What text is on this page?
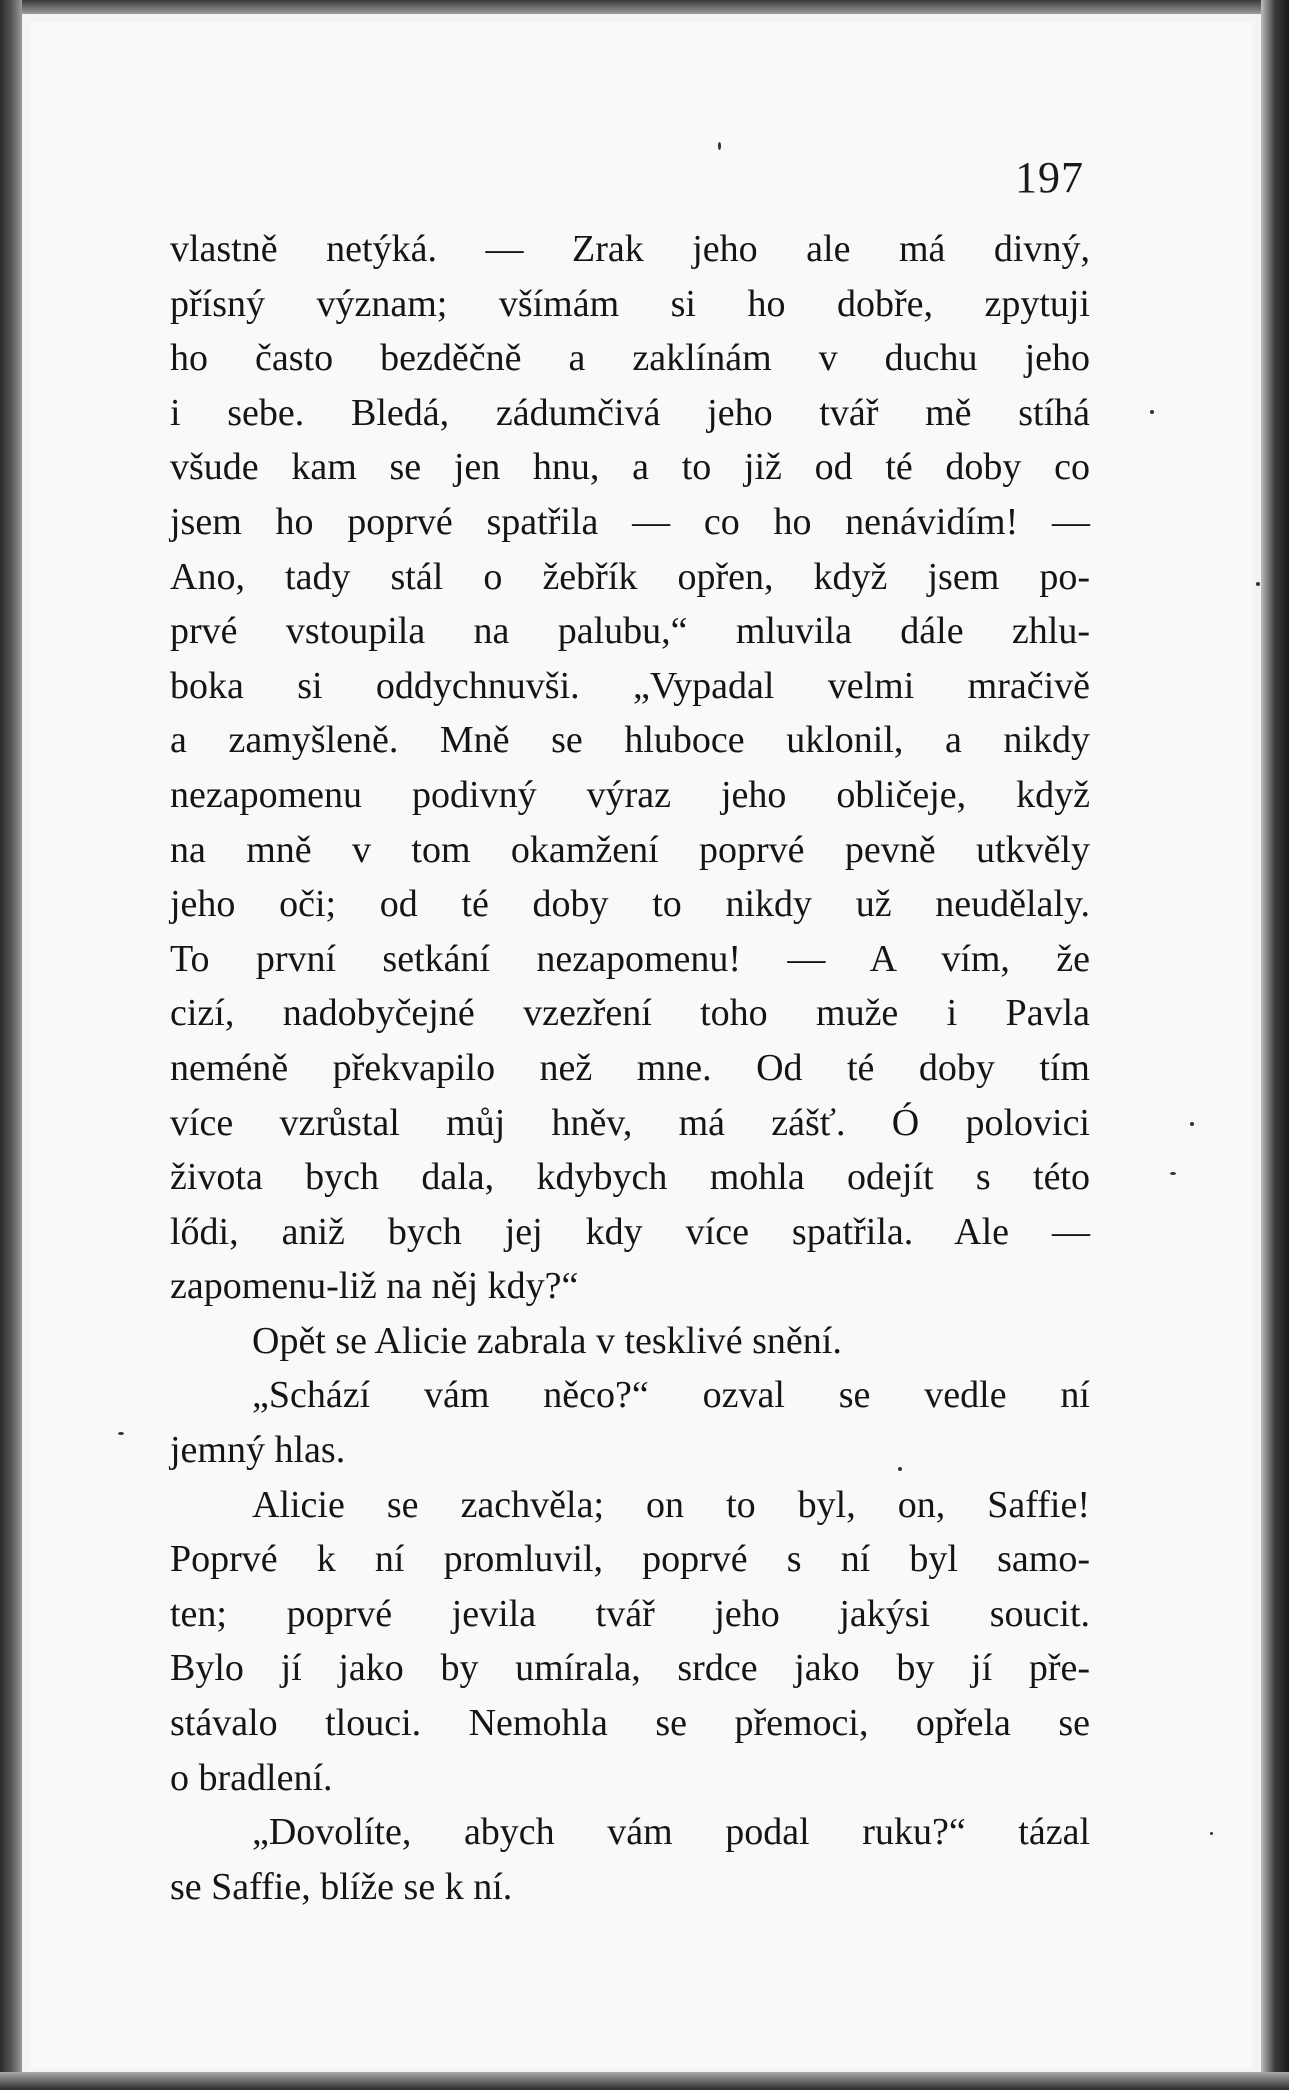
197
vlastně netýká. — Zrak jeho ale má divný,
přísný význam; všímám si ho dobře, zpytuji
ho často bezděčně a zaklínám v duchu jeho
i sebe. Bledá, zádumčivá jeho tvář mě stíhá
všude kam se jen hnu, a to již od té doby co
jsem ho poprvé spatřila — co ho nenávidím! —
Ano, tady stál o žebřík opřen, když jsem po-
prvé vstoupila na palubu,“ mluvila dále zhlu-
boka si oddychnuvši. „Vypadal velmi mračivě
a zamyšleně. Mně se hluboce uklonil, a nikdy
nezapomenu podivný výraz jeho obličeje, když
na mně v tom okamžení poprvé pevně utkvěly
jeho oči; od té doby to nikdy už neudělaly.
To první setkání nezapomenu! — A vím, že
cizí, nadobyčejné vzezření toho muže i Pavla
neméně překvapilo než mne. Od té doby tím
více vzrůstal můj hněv, má zášť. Ó polovici
života bych dala, kdybych mohla odejít s této
lődi, aniž bych jej kdy více spatřila. Ale —
zapomenu-liž na něj kdy?“
Opět se Alicie zabrala v tesklivé snění.
„Schází vám něco?“ ozval se vedle ní
jemný hlas.
Alicie se zachvěla; on to byl, on, Saffie!
Poprvé k ní promluvil, poprvé s ní byl samo-
ten; poprvé jevila tvář jeho jakýsi soucit.
Bylo jí jako by umírala, srdce jako by jí pře-
stávalo tlouci. Nemohla se přemoci, opřela se
o bradlení.
„Dovolíte, abych vám podal ruku?“ tázal
se Saffie, blíže se k ní.
